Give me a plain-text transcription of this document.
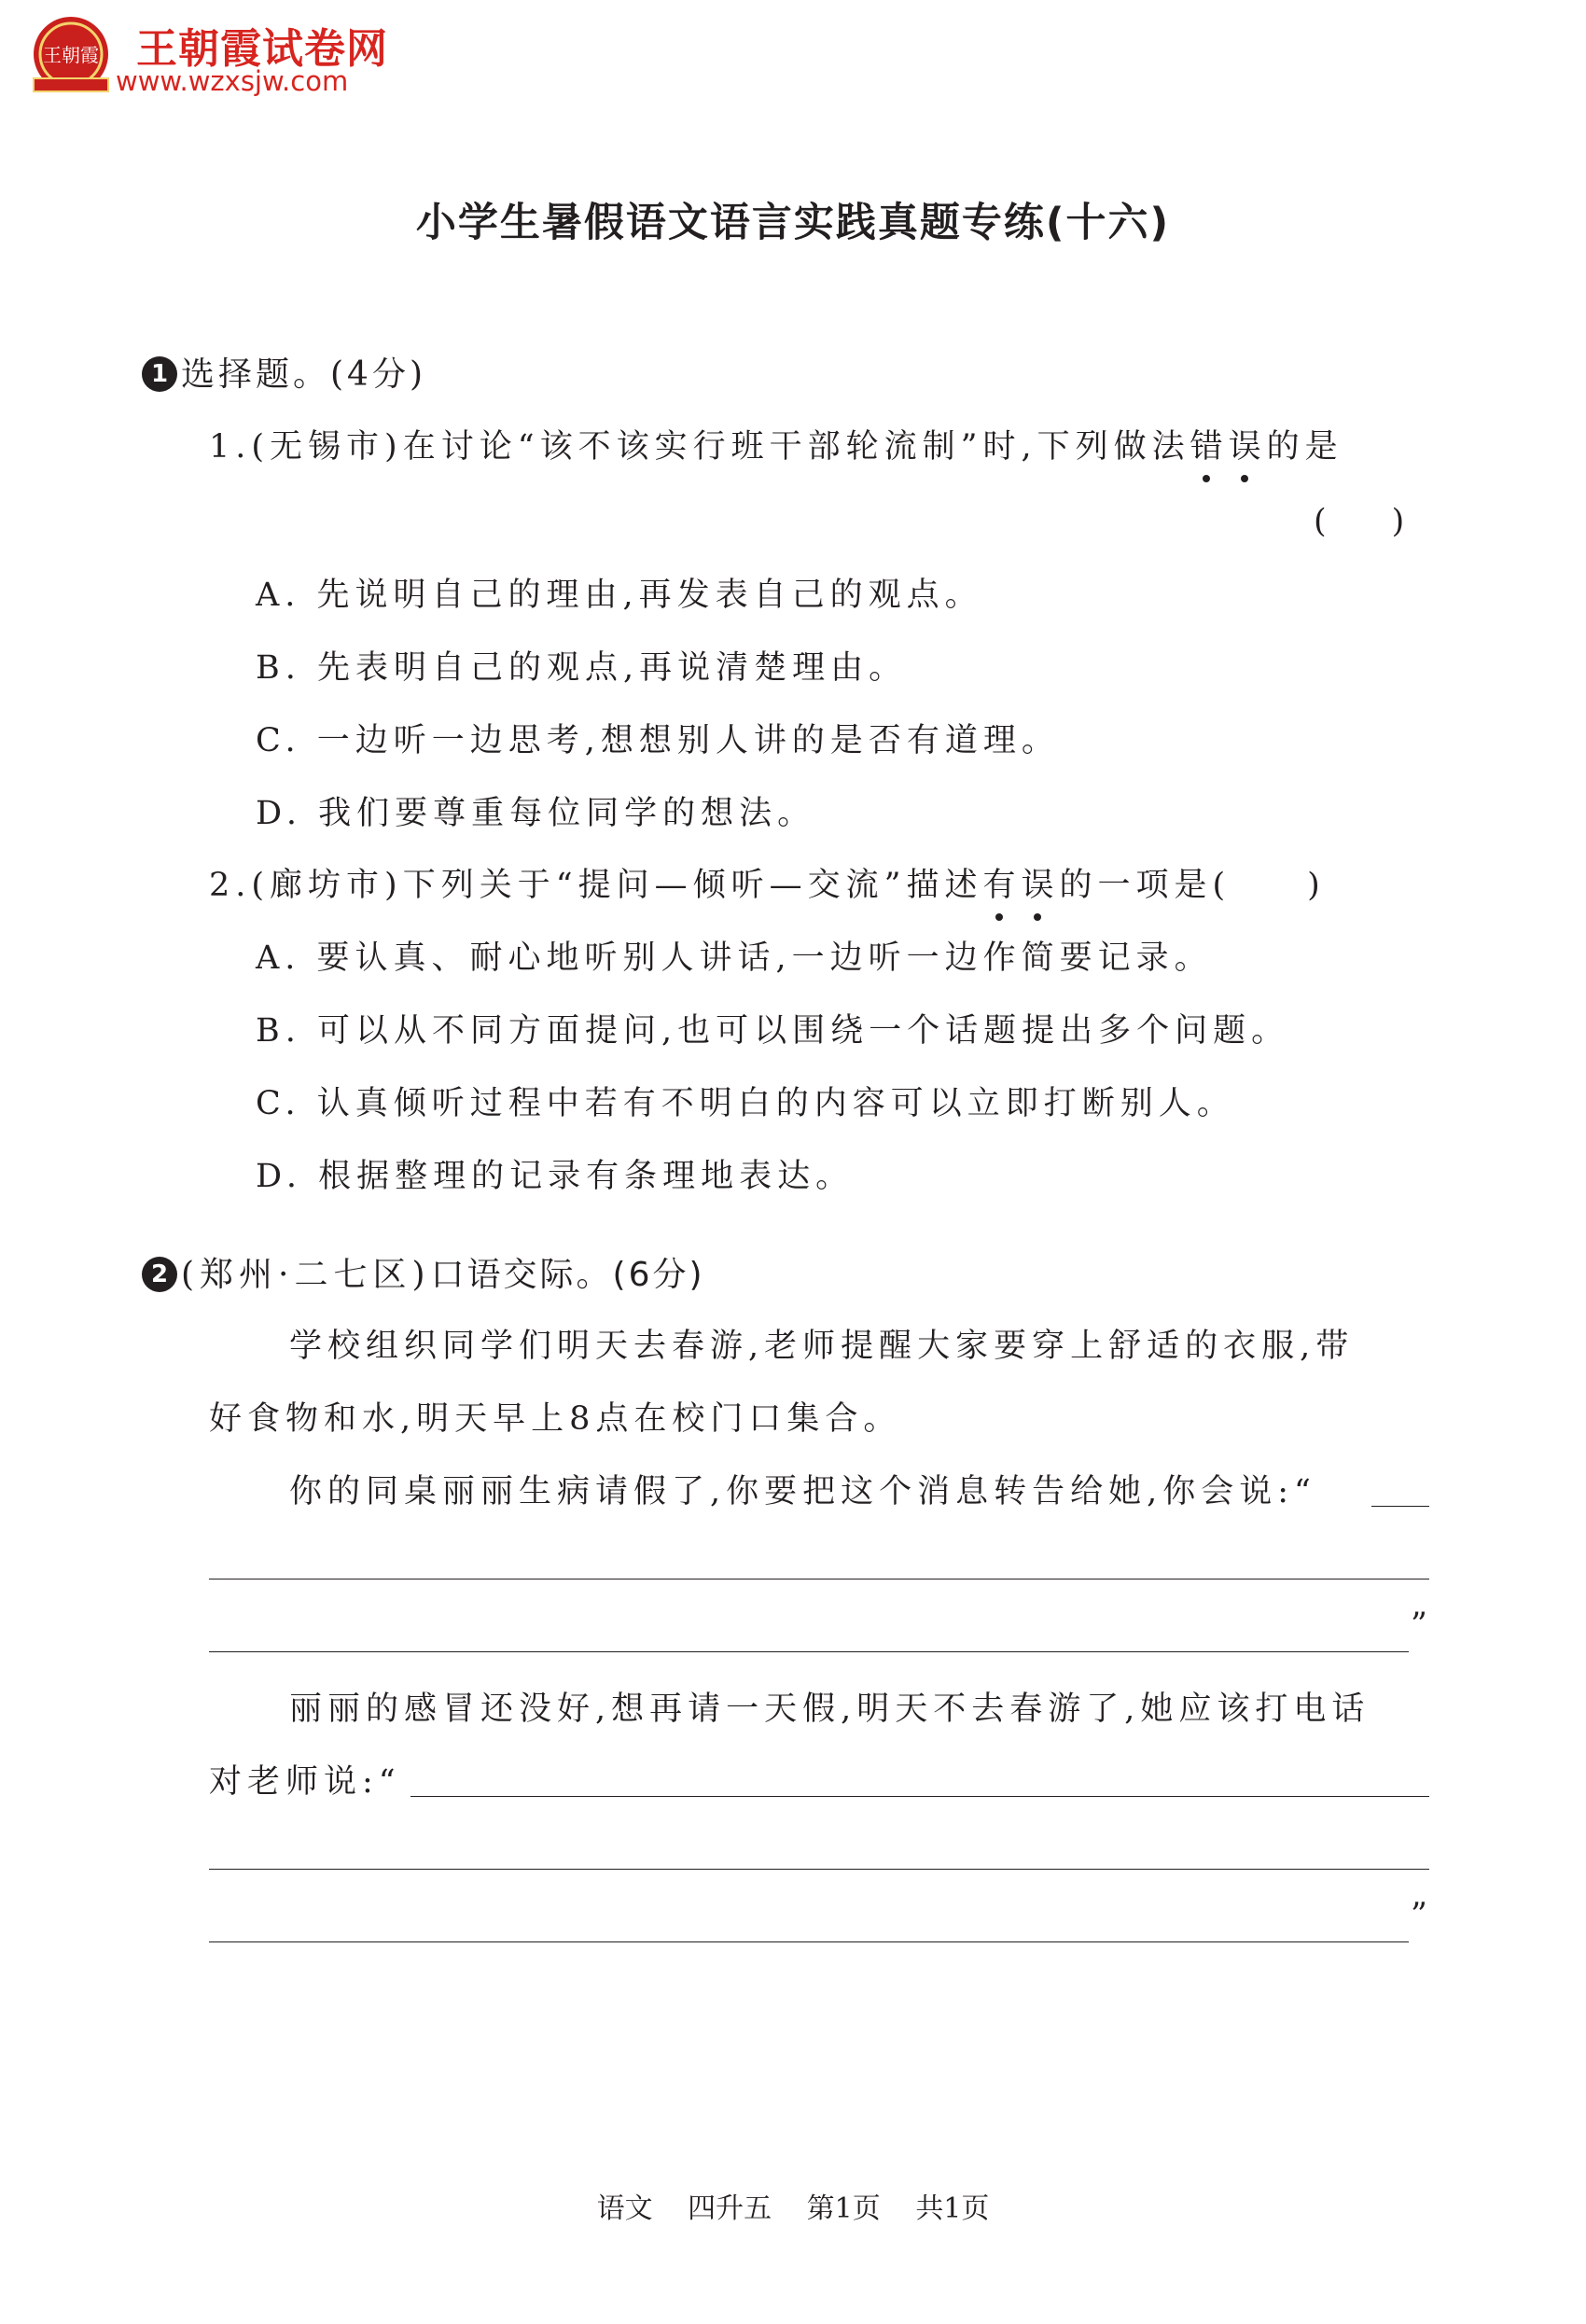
王朝霞 王朝霞试卷网
www.wzxsjw.com
小学生暑假语文语言实践真题专练(十六)
1 选择题。(4分)
1.(无锡市)在讨论“该不该实行班干部轮流制”时,下列做法错误的是
(　　)
A. 先说明自己的理由,再发表自己的观点。
B. 先表明自己的观点,再说清楚理由。
C. 一边听一边思考,想想别人讲的是否有道理。
D. 我们要尊重每位同学的想法。
2.(廊坊市)下列关于“提问—倾听—交流”描述有误的一项是(　　)
A. 要认真、耐心地听别人讲话,一边听一边作简要记录。
B. 可以从不同方面提问,也可以围绕一个话题提出多个问题。
C. 认真倾听过程中若有不明白的内容可以立即打断别人。
D. 根据整理的记录有条理地表达。
2 (郑州·二七区)口语交际。(6分)
学校组织同学们明天去春游,老师提醒大家要穿上舒适的衣服,带
好食物和水,明天早上8点在校门口集合。
你的同桌丽丽生病请假了,你要把这个消息转告给她,你会说:“
”
丽丽的感冒还没好,想再请一天假,明天不去春游了,她应该打电话
对老师说:“
”
语文 四升五 第1页 共1页
